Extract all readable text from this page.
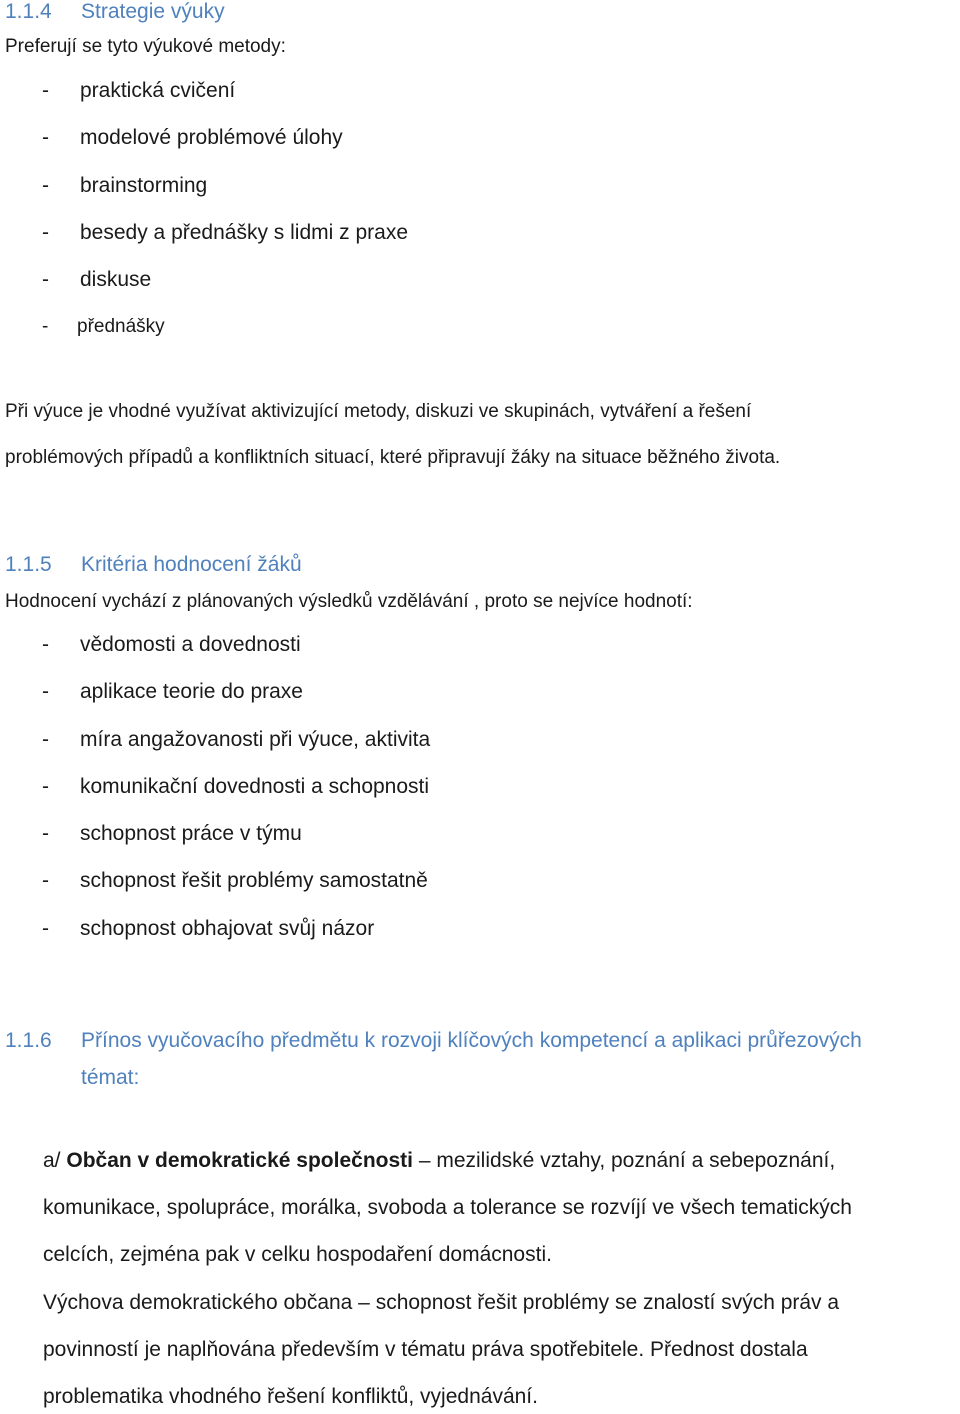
1.1.4 Strategie výuky
Preferují se tyto výukové metody:
- praktická cvičení
- modelové problémové úlohy
- brainstorming
- besedy a přednášky s lidmi z praxe
- diskuse
- přednášky
Při výuce je vhodné využívat aktivizující metody, diskuzi ve skupinách, vytváření a řešení
problémových případů a konfliktních situací, které připravují žáky na situace běžného života.
1.1.5 Kritéria hodnocení žáků
Hodnocení vychází z plánovaných výsledků vzdělávání , proto se nejvíce hodnotí:
- vědomosti a dovednosti
- aplikace teorie do praxe
- míra angažovanosti při výuce, aktivita
- komunikační dovednosti a schopnosti
- schopnost práce v týmu
- schopnost řešit problémy samostatně
- schopnost obhajovat svůj názor
1.1.6 Přínos vyučovacího předmětu k rozvoji klíčových kompetencí a aplikaci průřezových
témat:
a/ Občan v demokratické společnosti – mezilidské vztahy, poznání a sebepoznání,
komunikace, spolupráce, morálka, svoboda a tolerance se rozvíjí ve všech tematických
celcích, zejména pak v celku hospodaření domácnosti.
Výchova demokratického občana – schopnost řešit problémy se znalostí svých práv a
povinností je naplňována především v tématu práva spotřebitele. Přednost dostala
problematika vhodného řešení konfliktů, vyjednávání.
